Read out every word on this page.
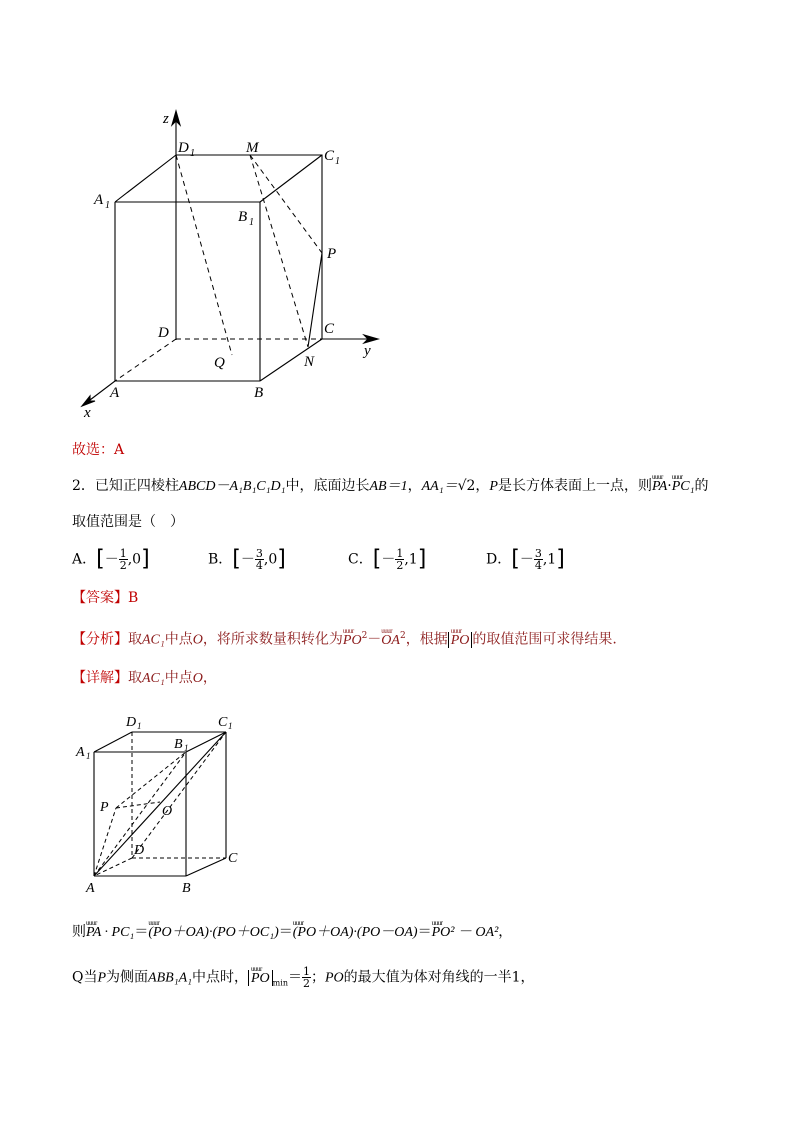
z
y
x
D 1	M	C 1
A 1
B 1
P
D	C
Q	N
A	B
故选：A
2．已知正四棱柱ABCD－A₁B₁C₁D₁中，底面边长AB＝1，AA₁＝√2，P是长方体表面上一点，则uuur PA·uuur PC₁的
取值范围是（　）
A．[－ $\frac{1}{2} ,0$]	B．[－ $\frac{3}{4} ,0$]	C．[－ $\frac{1}{2} ,1$]	D．[－ $\frac{3}{4} ,1$]
【答案】B
【分析】取AC₁中点O，将所求数量积转化为uuur $PO^2-uuur$ $OA^2$，根据 uuur PO 的取值范围可求得结果.
【详解】取AC₁中点O，
D 1	C 1
A 1
B 1
P	O
D
C
A	B
则uuur PA · PC₁＝uuur (PO＋OA)·(PO＋OC₁)＝uuur (PO＋OA)·(PO－OA)＝uuur PO² － OA²，
Q当P为侧面ABB₁A₁中点时， uuur PO $_{min}= \frac{1}{2}$ ；PO的最大值为体对角线的一半1，
